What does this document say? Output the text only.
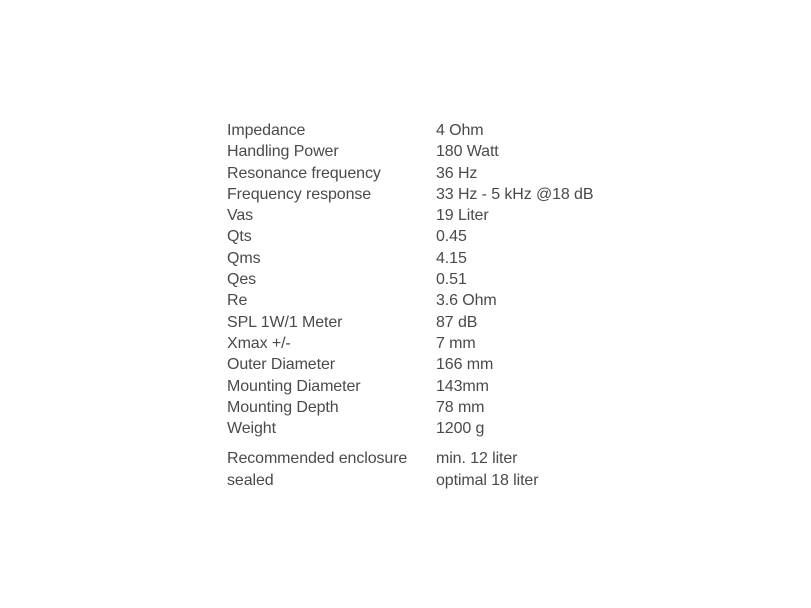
Impedance	4 Ohm
Handling Power	180 Watt
Resonance frequency	36 Hz
Frequency response	33 Hz - 5 kHz @18 dB
Vas	19 Liter
Qts	0.45
Qms	4.15
Qes	0.51
Re	3.6 Ohm
SPL 1W/1 Meter	87 dB
Xmax +/-	7 mm
Outer Diameter	166 mm
Mounting Diameter	143mm
Mounting Depth	78 mm
Weight	1200 g

Recommended enclosure	min. 12 liter
sealed	optimal 18 liter
